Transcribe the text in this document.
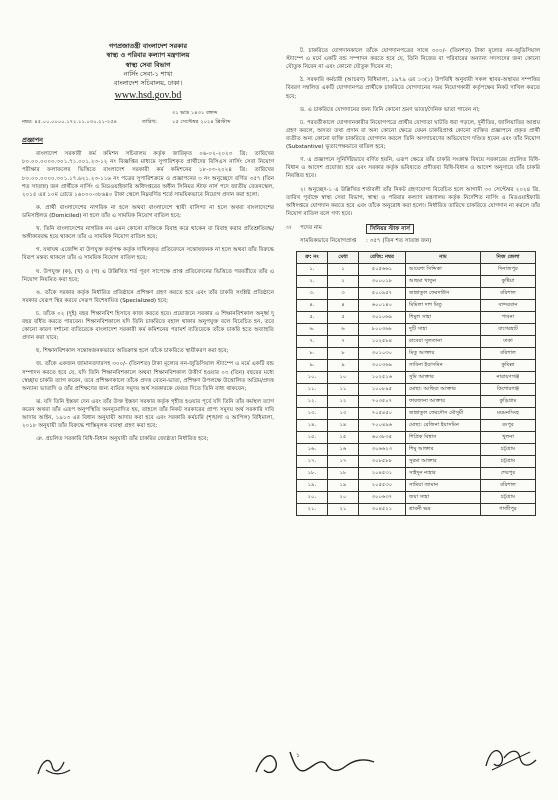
গণপ্রজাতন্ত্রী বাংলাদেশ সরকার
স্বাস্থ্য ও পরিবার কল্যাণ মন্ত্রণালয়
স্বাস্থ্য সেবা বিভাগ
নার্সিং সেবা-১ শাখা
বাংলাদেশ সচিবালয়, ঢাকা।
www.hsd.gov.bd
নম্বর: ৪৫.০০.০০০০.১৭২.১১.০৩০.২১-২৫৪
৩১ ভাদ্র ১৪৩১ বঙ্গাব্দ
তারিখ:	১৫ সেপ্টেম্বর ২০২৪ খ্রিস্টাব্দ
প্রজ্ঞাপন
বাংলাদেশ সরকারী কর্ম কমিশন সচিবালয় কর্তৃক জারিকৃত ০৬-০২-২০২৩ খ্রি: তারিখের ৮০.০০.০০০০.৩০১.৭১.০০১.২৩-১২ নং বিজ্ঞপ্তির মাধ্যমে সুপারিশকৃত প্রার্থীদের বিসিএস নার্সিং সেবা নিয়োগ পরীক্ষার ফলাফলের ভিত্তিতে বাংলাদেশ সরকারী কর্ম কমিশনের ১৮-০৩-২০২৪ খ্রি: তারিখের ৮০.০০.০০০০.৩০১.১৭.৬২১.২৩-১১৬ নং পত্রের সুপারিশক্রমে ও প্রজ্ঞাপনের ৩ নং অনুচ্ছেদে বর্ণিত ৩৫৭ (তিন শত সাতান্ন) জন প্রার্থীকে নার্সিং ও মিডওয়াইফারি অধিদপ্তরের অধীন সিনিয়র স্টাফ নার্স পদে জাতীয় বেতনস্কেল, ২০১৫ এর ১০ম গ্রেডে ১৬০০০-৩৮৬৪০ টাকা স্কেলে নিম্নবর্ণিত শর্তে সাময়িকভাবে নিয়োগ প্রদান করা হলো:
ক. প্রার্থী বাংলাদেশের নাগরিক না হলে অথবা বাংলাদেশে স্থায়ী বাসিন্দা না হলে অথবা বাংলাদেশের ডমিসাইলড (Domiciled) না হলে তাঁর এ সাময়িক নিয়োগ বাতিল হবে;
খ. তিনি বাংলাদেশের নাগরিক নন এমন কোনো ব্যক্তিকে বিবাহ করে থাকেন বা বিবাহ করার প্রতিশ্রুতিবদ্ধ/অঙ্গীকারবদ্ধ হয়ে থাকলে তাঁর এ সাময়িক নিয়োগ বাতিল হবে;
গ. যথাযথ এজেন্সি বা উপযুক্ত কর্তৃপক্ষ কর্তৃক দাখিলকৃত প্রতিবেদনে সন্তোষজনক না হলে অথবা তাঁর বিরুদ্ধে বিরূপ মন্তব্য থাকলে তাঁর এ সাময়িক নিয়োগ বাতিল হবে;
ঘ. উপযুক্ত (ক), (খ) ও (গ) এ উল্লিখিত শর্ত পূরণ সাপেক্ষে প্রাপ্ত প্রতিবেদনের ভিত্তিতে পরবর্তীতে তাঁর এ নিয়োগ নিয়মিত করা হবে;
ঙ. তাঁকে সরকার কর্তৃক নির্ধারিত প্রতিষ্ঠানে প্রশিক্ষণ গ্রহণ করতে হবে এবং তাঁর চাকরি সংশ্লিষ্ট প্রতিষ্ঠানে সরকার যেরূপ স্থির করবে সেরূপ বিশেষায়িত (Specialized) হবে;
চ. তাঁকে ০২ (দুই) বছর শিক্ষানবিশ হিসাবে কাজ করতে হবে। প্রয়োজনে সরকার এ শিক্ষানবিশকাল অনূর্ধ্ব দু বছর বর্ধিত করতে পারবেন। শিক্ষানবিশকালে যদি তিনি চাকরিতে বহাল থাকার অনুপযুক্ত বলে বিবেচিত হন, তবে কোনো কারণ দর্শানো ব্যতিরেকে বাংলাদেশ সরকারী কর্ম কমিশনের পরামর্শ ব্যতিরেকে তাঁকে চাকরি হতে অব্যাহতি প্রদান করা যাবে;
ছ. শিক্ষানবিশকাল সন্তোষজনকভাবে অতিক্রান্ত হলে তাঁকে চাকরিতে স্থায়ীকরণ করা হবে;
জ. তাঁকে একজন জামানতদারসহ ৩০০/- (তিনশত) টাকা মূল্যের নন-জুডিসিয়াল স্ট্যাম্পে এ মর্মে একটি বন্ড সম্পাদন করতে হবে যে, যদি তিনি শিক্ষানবিশকালে অথবা শিক্ষানবিশকাল উত্তীর্ণ হওয়ার ০৩ (তিন) বছরের মধ্যে স্বেচ্ছায় চাকরি ত্যাগ করেন, তবে প্রশিক্ষণকালে তাঁকে প্রদত্ত বেতন-ভাতা, প্রশিক্ষণ উপলক্ষে উত্তোলিত অগ্রিম/প্রদত্ত অন্যান্য ভাতাদি ও তাঁর প্রশিক্ষণের জন্য ব্যয়িত সমুদয় অর্থ সরকারকে ফেরত দিতে তিনি বাধ্য থাকবেন;
ঝ. যদি তিনি ইস্তফা দেন এবং তাঁর উক্ত ইস্তফা সরকার কর্তৃক গৃহীত হওয়ার পূর্বে যদি তিনি তাঁর কর্মস্থল ত্যাগ করেন অথবা তাঁর এরূপ অনুপস্থিতি অননুমোদিত হয়, তাহলে তাঁর নিকট সরকারের প্রাপ্য সমুদয় অর্থ সরকারি দাবি আদায় আইন, ১৯১৩ এর বিধান অনুযায়ী আদায় করা হবে এবং সরকারি কর্মচারি (শৃঙ্খলা ও আপিল) বিধিমালা, ২০১৮ অনুযায়ী তাঁর বিরুদ্ধে শাস্তিমূলক ব্যবস্থা গ্রহণ করা হবে;
ঞ. প্রচলিত সরকারি বিধি-বিধান অনুযায়ী তাঁর চাকরির জ্যেষ্ঠতা নির্ধারিত হবে;
ট. চাকরিতে যোগদানকালে তাঁকে যোগদানপত্রের সাথে ৩০০/- (তিনশত) টাকা মূল্যের নন-জুডিসিয়াল স্ট্যাম্পে এ মর্মে একটি বন্ড সম্পাদন করতে হবে যে, তিনি নিজের বা পরিবারের অন্যান্য সদস্যদের জন্য কোনো যৌতুক নিবেন না এবং কোনো যৌতুক দিবেন না;
ঠ. সরকারি কর্মচারী (আচরণ) বিধিমালা, ১৯৭৯ এর ১৩(১) উপবিধি অনুযায়ী সকল স্থাবর-অস্থাবর সম্পত্তির বিবরণ সম্বলিত একটি যোগদানপত্র প্রার্থীকে চাকরিতে যোগদানের সময় নিয়োগকারী কর্তৃপক্ষের নিকট দাখিল করতে হবে;
ড. এ চাকরিতে যোগদানের জন্য তিনি কোনো ভ্রমণ ভাতা/দৈনিক ভাতা পাবেন না;
ঢ. পরবর্তীকালে যোগদানকারীর নিয়োগপত্রে প্রার্থীর যোগ্যতা ঘাটতি ধরা পড়লে, দুর্নীতির, জালিয়াতির আশ্রয় গ্রহণ করলে, অসত্য তথ্য প্রদান বা অন্য কোনো ক্ষেত্রে যেমন চাকরিপ্রাপ্ত কোনো ব্যক্তির প্রজ্ঞাপনে প্রকৃত প্রার্থী ব্যতীত অন্য কোনো ব্যক্তি চাকরিতে যোগদান করলে তিনি অসদাচরণের অভিযোগে দণ্ডিত হবেন এবং তাঁর নিয়োগ (Substantive) ভূতাপেক্ষভাবে বাতিল হবে;
ণ. এ প্রজ্ঞাপনে সুনির্দিষ্টভাবে বর্ণিত হয়নি, এরূপ ক্ষেত্রে তাঁর চাকরি সংক্রান্ত বিষয়ে সরকারের প্রচলিত বিধি-বিধান ও আদেশ প্রযোজ্য হবে এবং সরকার কর্তৃক ভবিষ্যতে প্রণীতব্য বিধি-বিধান ও আদেশ অনুসারে তাঁর চাকরি নিয়ন্ত্রিত হবে।
২। অনুচ্ছেদ-১ এ উল্লিখিত শর্তাবলী তাঁর নিকট গ্রহণযোগ্য বিবেচিত হলে আগামী ৩০ সেপ্টেম্বর ২০২৪ খ্রি. তারিখ পূর্বাহ্নে স্বাস্থ্য সেবা বিভাগ, স্বাস্থ্য ও পরিবার কল্যাণ মন্ত্রণালয় কর্তৃক নির্দেশিত নার্সিং ও মিডওয়াইফারি অধিদপ্তরে যোগদান করতে হবে এবং তাঁকে অনুরোধ করা হলো। নির্ধারিত তারিখে চাকরিতে যোগদান না করলে তাঁর নিয়োগ বাতিল বলে গণ্য হবে।
৩।	পদের নাম	সিনিয়র স্টাফ নার্স
সাময়িকভাবে নিয়োগপ্রাপ্ত	: ৩৫৭ (তিন শত সাতান্ন জন)
ক্র: নং	মেধা	রেজি: নম্বর	নাম	নিজ জেলা
১.	১	৫০৫৬৬১	আয়েশা সিদ্দিকা	দিনাজপুর
২.	২	৩০০০১৮	আছমা খাতুন	কুষ্টিয়া
৩.	৩	৫০০৯৫৭	জান্নাতুল ফেরদাউস	বরিশাল
৪.	৪	৬০০১৪০	মিমিলা দাশ মিতু	বান্দরবান
৫.	৫	৩০১০৬৯	শিমুল সাহা	পাবনা
৬.	৬	৮০০৩৬৮	দুটি সাহা	বাগেরহাট
৭.	৭	১০২৫৮৪	রাবেয়া সুলতানা	ঢাকা
৮.	৮	৩০১০৩০	মিতু আক্তার	বরিশাল
৯.	৯	৩০০৩৬৯	সাবিনা ইয়াসমিন	কুমিল্লা
১০.	১০	১০২৫১৬	সুমি আক্তার	নারায়ণগঞ্জ
১১.	১১	১০০৮৯৫	মোছা: আছিয়া আক্তার	কিশোরগঞ্জ
১২.	১২	৭০৩৫০৭	ফারজানা আক্তার	কুড়িগ্রাম
১৩.	১৩	৭০৫৪৫০	জান্নাতুল ফেরদৌস মৌসুমী	ময়মনসিংহ
১৪.	১৪	৭০০৪৯৬	মোছা: রেজিনা ইয়াসমিন	রংপুর
১৫.	১৫	৬০৩৮৩৫	শিপ্রিক বিশ্বাস	খুলনা
১৬.	১৬	৩০৬৬২৩	শিমু আক্তার	চট্টগ্রাম
১৭.	১৭	৩০৮৫৮৮	সুরমা আক্তার	চট্টগ্রাম
১৮.	১৮	২০৪৫৩১	সাইদুন নাহার	শেরপুর
১৯.	১৯	২০৫৫৩০	সামিয়া জামান	বরিশাল
২০.	২০	৩০০৬৩৭	জয়া সাহা	চট্টগ্রাম
২১.	২১	৩০৪৫২১	শ্রাবনী ভদ্র	গাজীপুর
১
